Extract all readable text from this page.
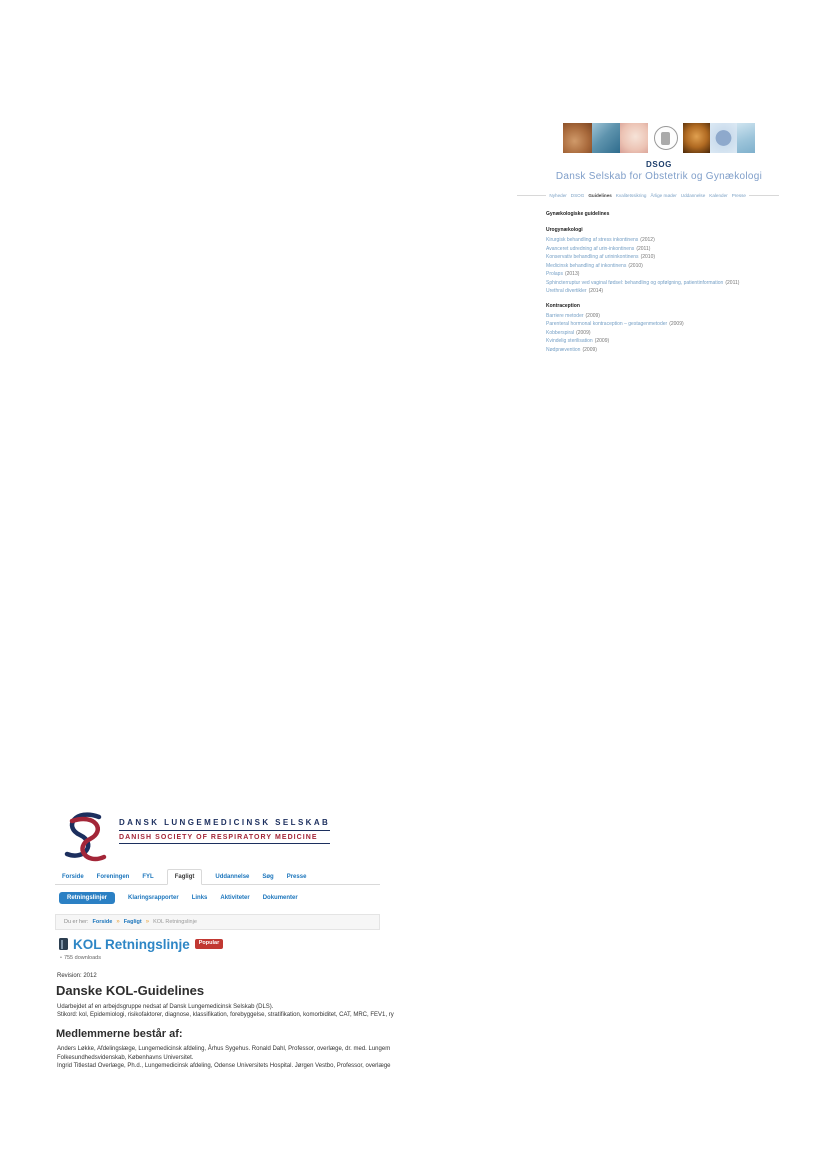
DSOG
Dansk Selskab for Obstetrik og Gynækologi
Nyheder DSOG Guidelines Kvalitetssikring Årlige møder Uddannelse Kalender Presse
Gynækologiske guidelines
Urogynækologi
Kirurgisk behandling af stress inkontinens (2012)
Avanceret udredning af urin-inkontinens (2011)
Konservativ behandling af urininkontinens (2010)
Medicinsk behandling af inkontinens (2010)
Prolaps (2013)
Sphincterruptur ved vaginal fødsel: behandling og opfølgning, patientinformation (2011)
Urethral divertikler (2014)
Kontraception
Barriere metoder (2009)
Parenteral hormonal kontraception – gestagenmetoder (2009)
Kobberspiral (2009)
Kvindelig sterilisation (2009)
Nødprævention (2009)
DANSK LUNGEMEDICINSK SELSKAB
DANISH SOCIETY OF RESPIRATORY MEDICINE
Forside Foreningen FYL	Fagligt	Uddannelse Søg Presse
Retningslinjer	Klaringsrapporter Links Aktiviteter Dokumenter
Du er her: Forside » Fagligt » KOL Retningslinje
KOL Retningslinje	Popular
• 755 downloads
Revision: 2012
Danske KOL-Guidelines
Udarbejdet af en arbejdsgruppe nedsat af Dansk Lungemedicinsk Selskab (DLS).
Stikord: kol, Epidemiologi, risikofaktorer, diagnose, klassifikation, forebyggelse, stratifikation, komorbiditet, CAT, MRC, FEV1, ry
Medlemmerne består af:
Anders Løkke, Afdelingslæge, Lungemedicinsk afdeling, Århus Sygehus. Ronald Dahl, Professor, overlæge, dr. med. Lungem
Folkesundhedsvidenskab, Københavns Universitet.
Ingrid Titlestad Overlæge, Ph.d., Lungemedicinsk afdeling, Odense Universitets Hospital. Jørgen Vestbo, Professor, overlæge
